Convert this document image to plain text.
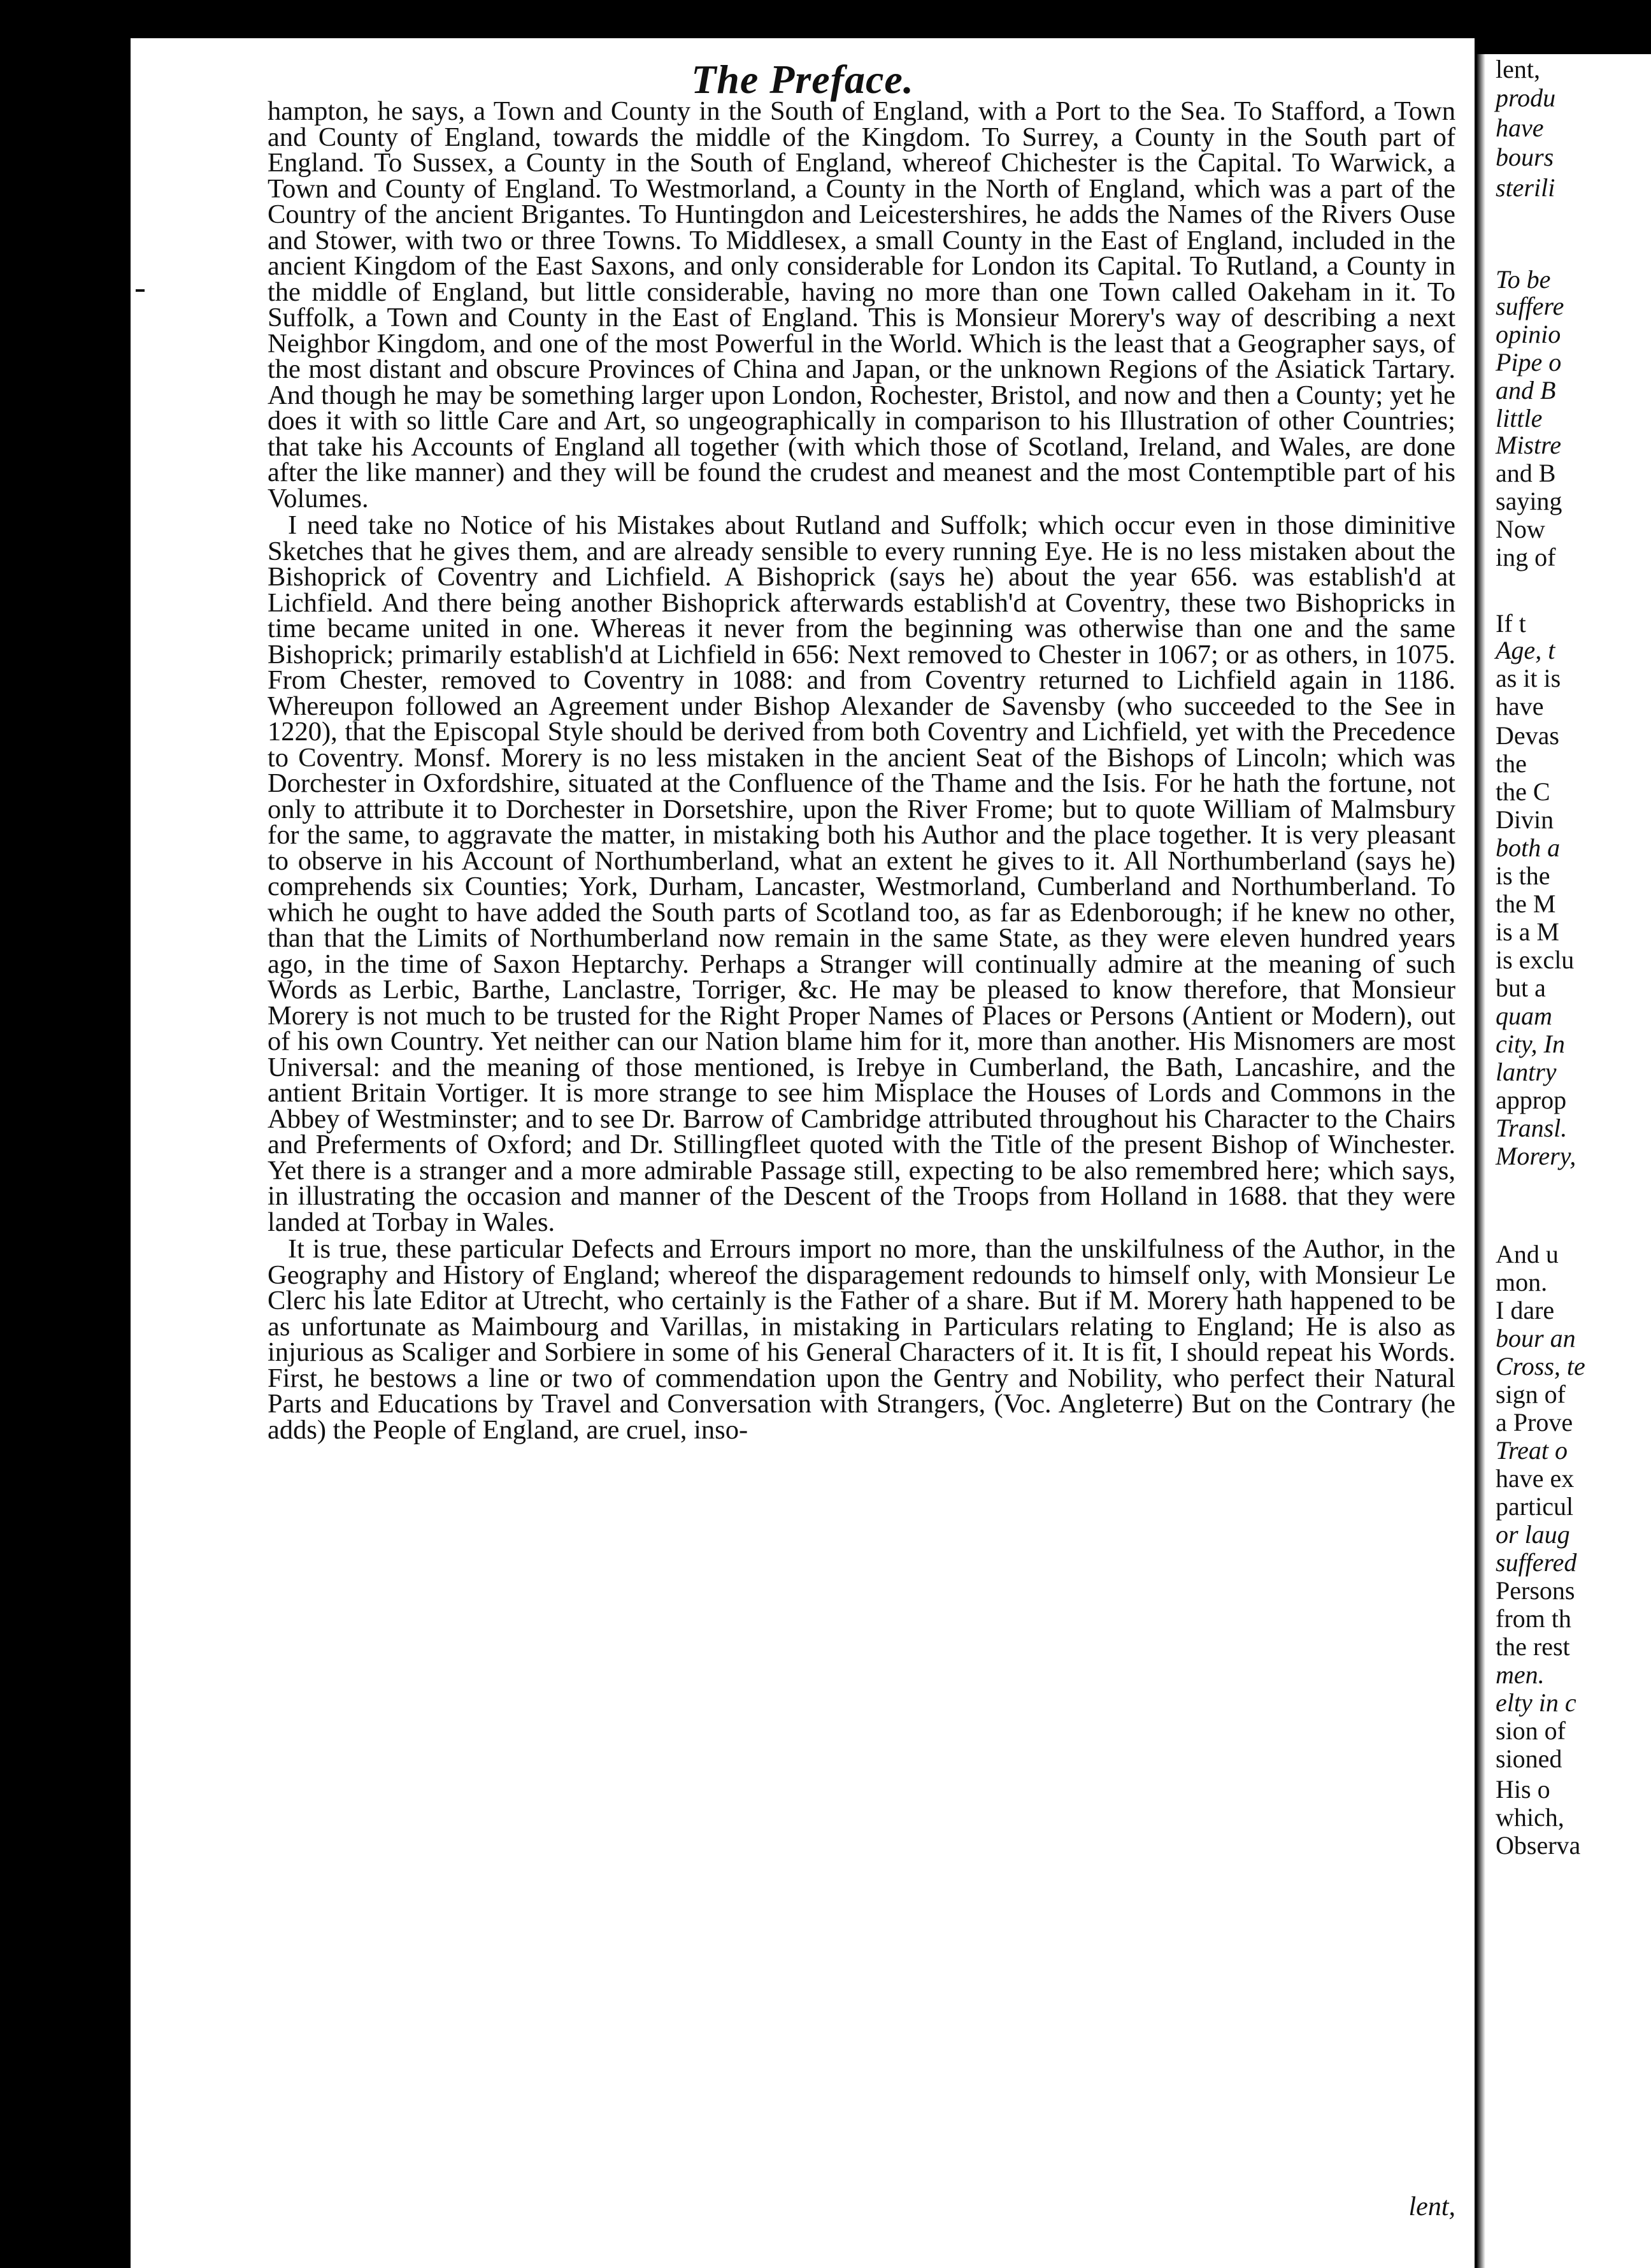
The Preface.

hampton, he says, a Town and County in the South of England, with a Port to the Sea. To Stafford, a Town and County of England, towards the middle of the Kingdom. To Surrey, a County in the South part of England. To Sussex, a County in the South of England, whereof Chichester is the Capital. To Warwick, a Town and County of England. To Westmorland, a County in the North of England, which was a part of the Country of the ancient Brigantes. To Huntingdon and Leicestershires, he adds the Names of the Rivers Ouse and Stower, with two or three Towns. To Middlesex, a small County in the East of England, included in the ancient Kingdom of the East Saxons, and only considerable for London its Capital. To Rutland, a County in the middle of England, but little considerable, having no more than one Town called Oakeham in it. To Suffolk, a Town and County in the East of England. This is Monsieur Morery's way of describing a next Neighbor Kingdom, and one of the most Powerful in the World. Which is the least that a Geographer says, of the most distant and obscure Provinces of China and Japan, or the unknown Regions of the Asiatick Tartary. And though he may be something larger upon London, Rochester, Bristol, and now and then a County; yet he does it with so little Care and Art, so ungeographically in comparison to his Illustration of other Countries; that take his Accounts of England all together (with which those of Scotland, Ireland, and Wales, are done after the like manner) and they will be found the crudest and meanest and the most Contemptible part of his Volumes.

I need take no Notice of his Mistakes about Rutland and Suffolk; which occur even in those diminitive Sketches that he gives them, and are already sensible to every running Eye. He is no less mistaken about the Bishoprick of Coventry and Lichfield. A Bishoprick (says he) about the year 656. was establish'd at Lichfield. And there being another Bishoprick afterwards establish'd at Coventry, these two Bishopricks in time became united in one. Whereas it never from the beginning was otherwise than one and the same Bishoprick; primarily establish'd at Lichfield in 656: Next removed to Chester in 1067; or as others, in 1075. From Chester, removed to Coventry in 1088: and from Coventry returned to Lichfield again in 1186. Whereupon followed an Agreement under Bishop Alexander de Savensby (who succeeded to the See in 1220), that the Episcopal Style should be derived from both Coventry and Lichfield, yet with the Precedence to Coventry. Monsf. Morery is no less mistaken in the ancient Seat of the Bishops of Lincoln; which was Dorchester in Oxfordshire, situated at the Confluence of the Thame and the Isis. For he hath the fortune, not only to attribute it to Dorchester in Dorsetshire, upon the River Frome; but to quote William of Malmsbury for the same, to aggravate the matter, in mistaking both his Author and the place together. It is very pleasant to observe in his Account of Northumberland, what an extent he gives to it. All Northumberland (says he) comprehends six Counties; York, Durham, Lancaster, Westmorland, Cumberland and Northumberland. To which he ought to have added the South parts of Scotland too, as far as Edenborough; if he knew no other, than that the Limits of Northumberland now remain in the same State, as they were eleven hundred years ago, in the time of Saxon Heptarchy. Perhaps a Stranger will continually admire at the meaning of such Words as Lerbic, Barthe, Lanclastre, Torriger, &c. He may be pleased to know therefore, that Monsieur Morery is not much to be trusted for the Right Proper Names of Places or Persons (Antient or Modern), out of his own Country. Yet neither can our Nation blame him for it, more than another. His Misnomers are most Universal: and the meaning of those mentioned, is Irebye in Cumberland, the Bath, Lancashire, and the antient Britain Vortiger. It is more strange to see him Misplace the Houses of Lords and Commons in the Abbey of Westminster; and to see Dr. Barrow of Cambridge attributed throughout his Character to the Chairs and Preferments of Oxford; and Dr. Stillingfleet quoted with the Title of the present Bishop of Winchester. Yet there is a stranger and a more admirable Passage still, expecting to be also remembred here; which says, in illustrating the occasion and manner of the Descent of the Troops from Holland in 1688. that they were landed at Torbay in Wales.

It is true, these particular Defects and Errours import no more, than the unskilfulness of the Author, in the Geography and History of England; whereof the disparagement redounds to himself only, with Monsieur Le Clerc his late Editor at Utrecht, who certainly is the Father of a share. But if M. Morery hath happened to be as unfortunate as Maimbourg and Varillas, in mistaking in Particulars relating to England; He is also as injurious as Scaliger and Sorbiere in some of his General Characters of it. It is fit, I should repeat his Words. First, he bestows a line or two of commendation upon the Gentry and Nobility, who perfect their Natural Parts and Educations by Travel and Conversation with Strangers, (Voc. Angleterre) But on the Contrary (he adds) the People of England, are cruel, inso-

lent,
lent,
produ
have
bours
sterili
To be
suffere
opinio
Pipe o
and B
little
Mistre
and B
saying
Now
ing of
If t
Age, t
as it is
have
Devas
the
the C
Divin
both a
is the
the M
is a M
is exclu
but a
quam
city, In
lantry
approp
Transl.
Morery,
And u
mon.
I dare
bour an
Cross, te
sign of
a Prove
Treat o
have ex
particul
or laug
suffered
Persons
from th
the rest
men.
elty in c
sion of
sioned
His o
which,
Observa
